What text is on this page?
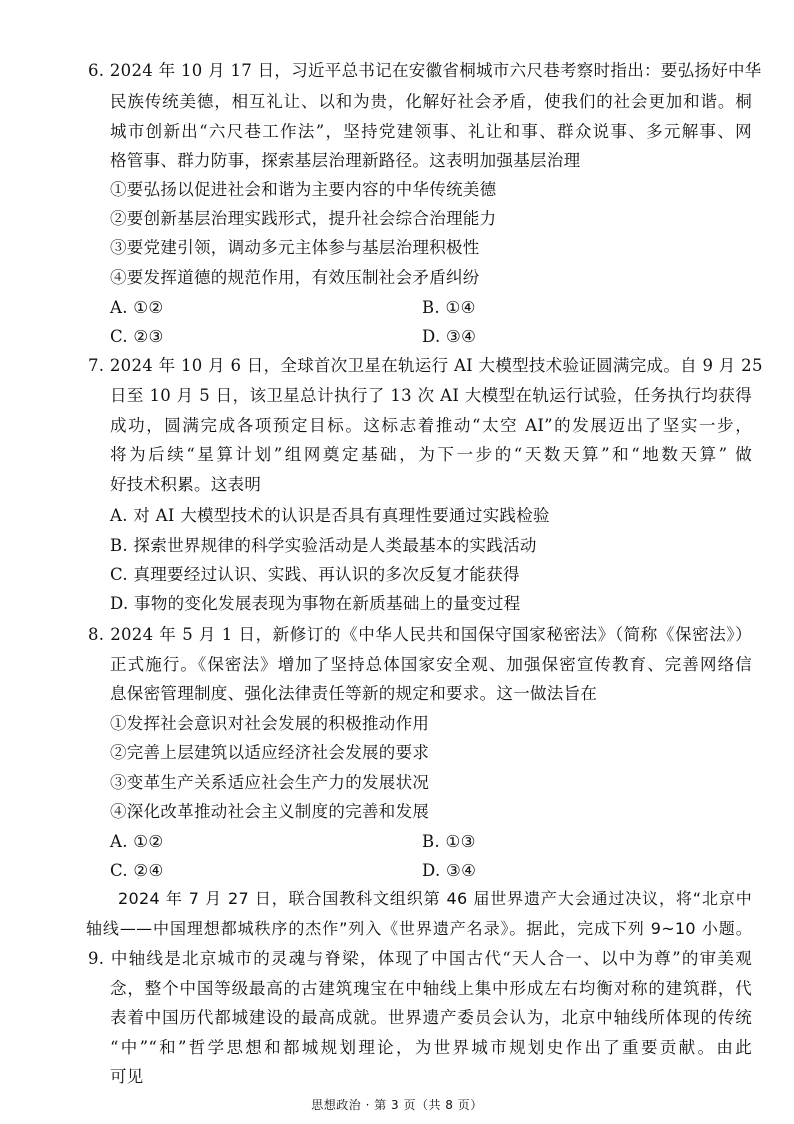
6. 2024 年 10 月 17 日，习近平总书记在安徽省桐城市六尺巷考察时指出：要弘扬好中华
民族传统美德，相互礼让、以和为贵，化解好社会矛盾，使我们的社会更加和谐。桐
城市创新出“六尺巷工作法”，坚持党建领事、礼让和事、群众说事、多元解事、网
格管事、群力防事，探索基层治理新路径。这表明加强基层治理
①要弘扬以促进社会和谐为主要内容的中华传统美德
②要创新基层治理实践形式，提升社会综合治理能力
③要党建引领，调动多元主体参与基层治理积极性
④要发挥道德的规范作用，有效压制社会矛盾纠纷
A. ①②	B. ①④
C. ②③	D. ③④
7. 2024 年 10 月 6 日，全球首次卫星在轨运行 AI 大模型技术验证圆满完成。自 9 月 25
日至 10 月 5 日，该卫星总计执行了 13 次 AI 大模型在轨运行试验，任务执行均获得
成功，圆满完成各项预定目标。这标志着推动“太空 AI”的发展迈出了坚实一步，
将为后续“星算计划”组网奠定基础，为下一步的“天数天算”和“地数天算” 做
好技术积累。这表明
A. 对 AI 大模型技术的认识是否具有真理性要通过实践检验
B. 探索世界规律的科学实验活动是人类最基本的实践活动
C. 真理要经过认识、实践、再认识的多次反复才能获得
D. 事物的变化发展表现为事物在新质基础上的量变过程
8. 2024 年 5 月 1 日，新修订的《中华人民共和国保守国家秘密法》（简称《保密法》）
正式施行。《保密法》增加了坚持总体国家安全观、加强保密宣传教育、完善网络信
息保密管理制度、强化法律责任等新的规定和要求。这一做法旨在
①发挥社会意识对社会发展的积极推动作用
②完善上层建筑以适应经济社会发展的要求
③变革生产关系适应社会生产力的发展状况
④深化改革推动社会主义制度的完善和发展
A. ①②	B. ①③
C. ②④	D. ③④
2024 年 7 月 27 日，联合国教科文组织第 46 届世界遗产大会通过决议，将“北京中
轴线——中国理想都城秩序的杰作”列入《世界遗产名录》。据此，完成下列 9~10 小题。
9. 中轴线是北京城市的灵魂与脊梁，体现了中国古代“天人合一、以中为尊”的审美观
念，整个中国等级最高的古建筑瑰宝在中轴线上集中形成左右均衡对称的建筑群，代
表着中国历代都城建设的最高成就。世界遗产委员会认为，北京中轴线所体现的传统
“中”“和”哲学思想和都城规划理论，为世界城市规划史作出了重要贡献。由此
可见
思想政治 · 第 3 页（共 8 页）
